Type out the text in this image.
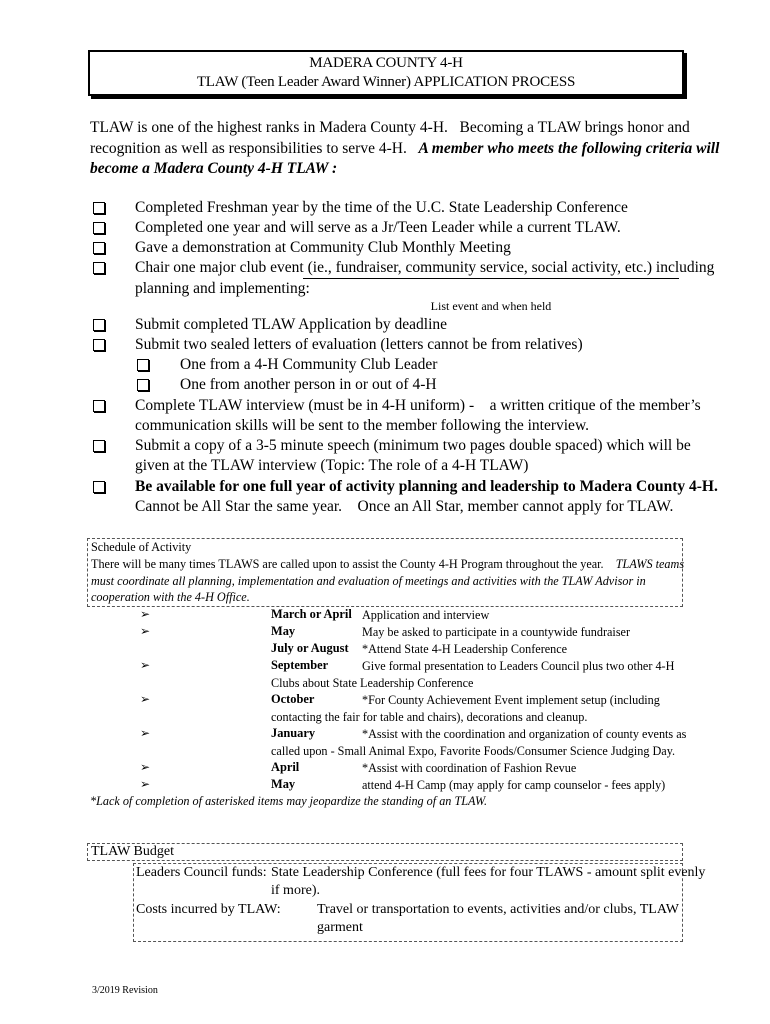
MADERA COUNTY 4-H
TLAW (Teen Leader Award Winner) APPLICATION PROCESS
TLAW is one of the highest ranks in Madera County 4-H.   Becoming a TLAW brings honor and
recognition as well as responsibilities to serve 4-H.   A member who meets the following criteria will
become a Madera County 4-H TLAW :
Completed Freshman year by the time of the U.C. State Leadership Conference
Completed one year and will serve as a Jr/Teen Leader while a current TLAW.
Gave a demonstration at Community Club Monthly Meeting
Chair one major club event (ie., fundraiser, community service, social activity, etc.) including
planning and implementing:
List event and when held
Submit completed TLAW Application by deadline
Submit two sealed letters of evaluation (letters cannot be from relatives)
One from a 4-H Community Club Leader
One from another person in or out of 4-H
Complete TLAW interview (must be in 4-H uniform) -    a written critique of the member’s
communication skills will be sent to the member following the interview.
Submit a copy of a 3-5 minute speech (minimum two pages double spaced) which will be
given at the TLAW interview (Topic: The role of a 4-H TLAW)
Be available for one full year of activity planning and leadership to Madera County 4-H.
Cannot be All Star the same year.    Once an All Star, member cannot apply for TLAW.
Schedule of Activity
There will be many times TLAWS are called upon to assist the County 4-H Program throughout the year.    TLAWS teams
must coordinate all planning, implementation and evaluation of meetings and activities with the TLAW Advisor in
cooperation with the 4-H Office.
➢	March or April Application and interview
➢	May	May be asked to participate in a countywide fundraiser
July or August *Attend State 4-H Leadership Conference
➢	September	Give formal presentation to Leaders Council plus two other 4-H
Clubs about State Leadership Conference
➢	October	*For County Achievement Event implement setup (including
contacting the fair for table and chairs), decorations and cleanup.
➢	January	*Assist with the coordination and organization of county events as
called upon - Small Animal Expo, Favorite Foods/Consumer Science Judging Day.
➢	April	*Assist with coordination of Fashion Revue
➢	May	attend 4-H Camp (may apply for camp counselor - fees apply)
*Lack of completion of asterisked items may jeopardize the standing of an TLAW.
TLAW Budget
Leaders Council funds: State Leadership Conference (full fees for four TLAWS - amount split evenly
if more).
Costs incurred by TLAW:	Travel or transportation to events, activities and/or clubs, TLAW
garment
3/2019 Revision
